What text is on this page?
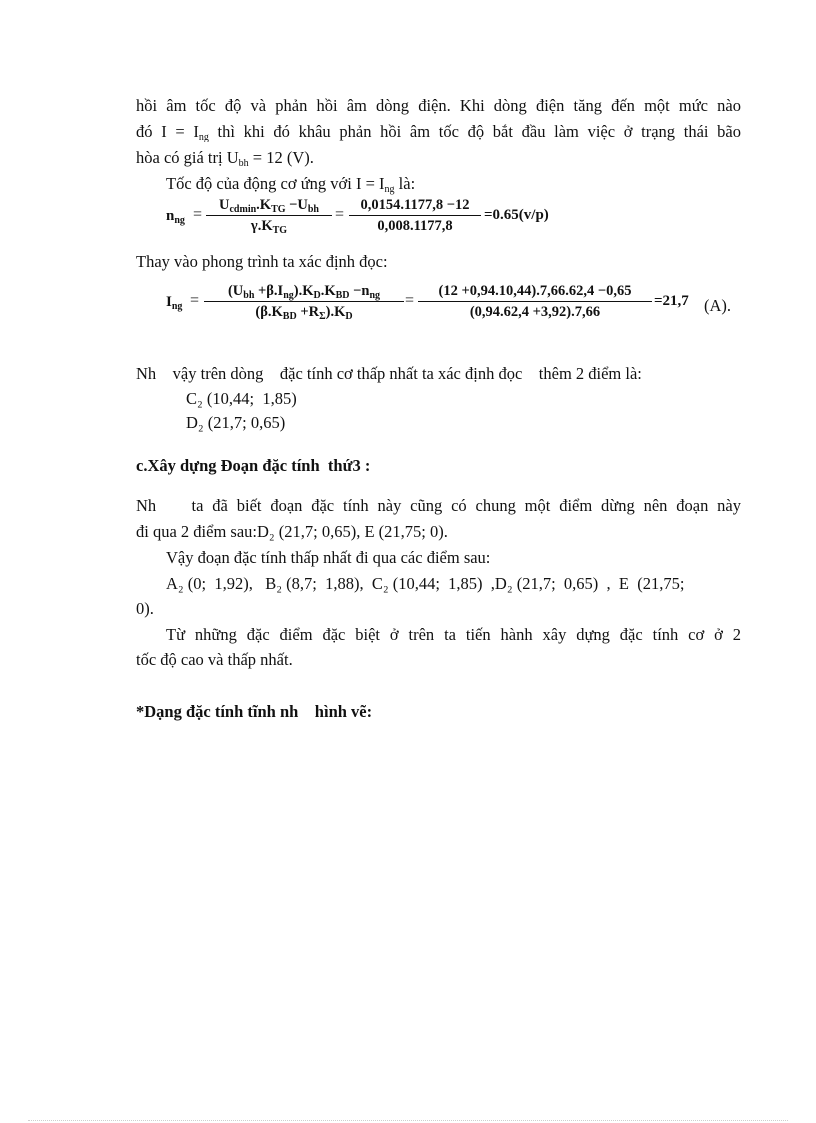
hồi âm tốc độ và phản hồi âm dòng điện. Khi dòng điện tăng đến một mức nào
đó $I = I_{ng}$ thì khi đó khâu phản hồi âm tốc độ bắt đầu làm việc ở trạng thái bão
hòa có giá trị $U_{bh} = 12$ (V).
Tốc độ của động cơ ứng với $I = I_{ng}$ là:
$n_{ng}$ =
$U_{cdmin}.K_{TG} -U_{bh}$
$\gamma.K_{TG}$
=
0,0154.1177,8 −12
0,008.1177,8
=0.65(v/p)
Thay vào phong trình ta xác định đọc:
$I_{ng}$ =
$(U_{bh} +\beta.I_{ng}).K_D.K_{BD} -n_{ng}$
$(\beta.K_{BD} +R_\Sigma).K_D$
=
(12 +0,94.10,44).7,66.62,4 −0,65
(0,94.62,4 +3,92).7,66
=21,7 (A).
Nh    vậy trên dòng    đặc tính cơ thấp nhất ta xác định đọc    thêm 2 điểm là:
C₂ (10,44;  1,85)
D₂ (21,7; 0,65)
c.Xây dựng Đoạn đặc tính  thứ3 :
Nh    ta đã biết đoạn đặc tính này cũng có chung một điểm dừng nên đoạn này
đi qua 2 điểm sau:D₂ (21,7; 0,65), E (21,75; 0).
Vậy đoạn đặc tính thấp nhất đi qua các điểm sau:
A₂ (0;  1,92),   B₂ (8,7;  1,88),  C₂ (10,44;  1,85)  ,D₂ (21,7;  0,65)  ,  E  (21,75;
0).
Từ những đặc điểm đặc biệt ở trên ta tiến hành xây dựng đặc tính cơ ở 2
tốc độ cao và thấp nhất.
*Dạng đặc tính tĩnh nh    hình vẽ:
